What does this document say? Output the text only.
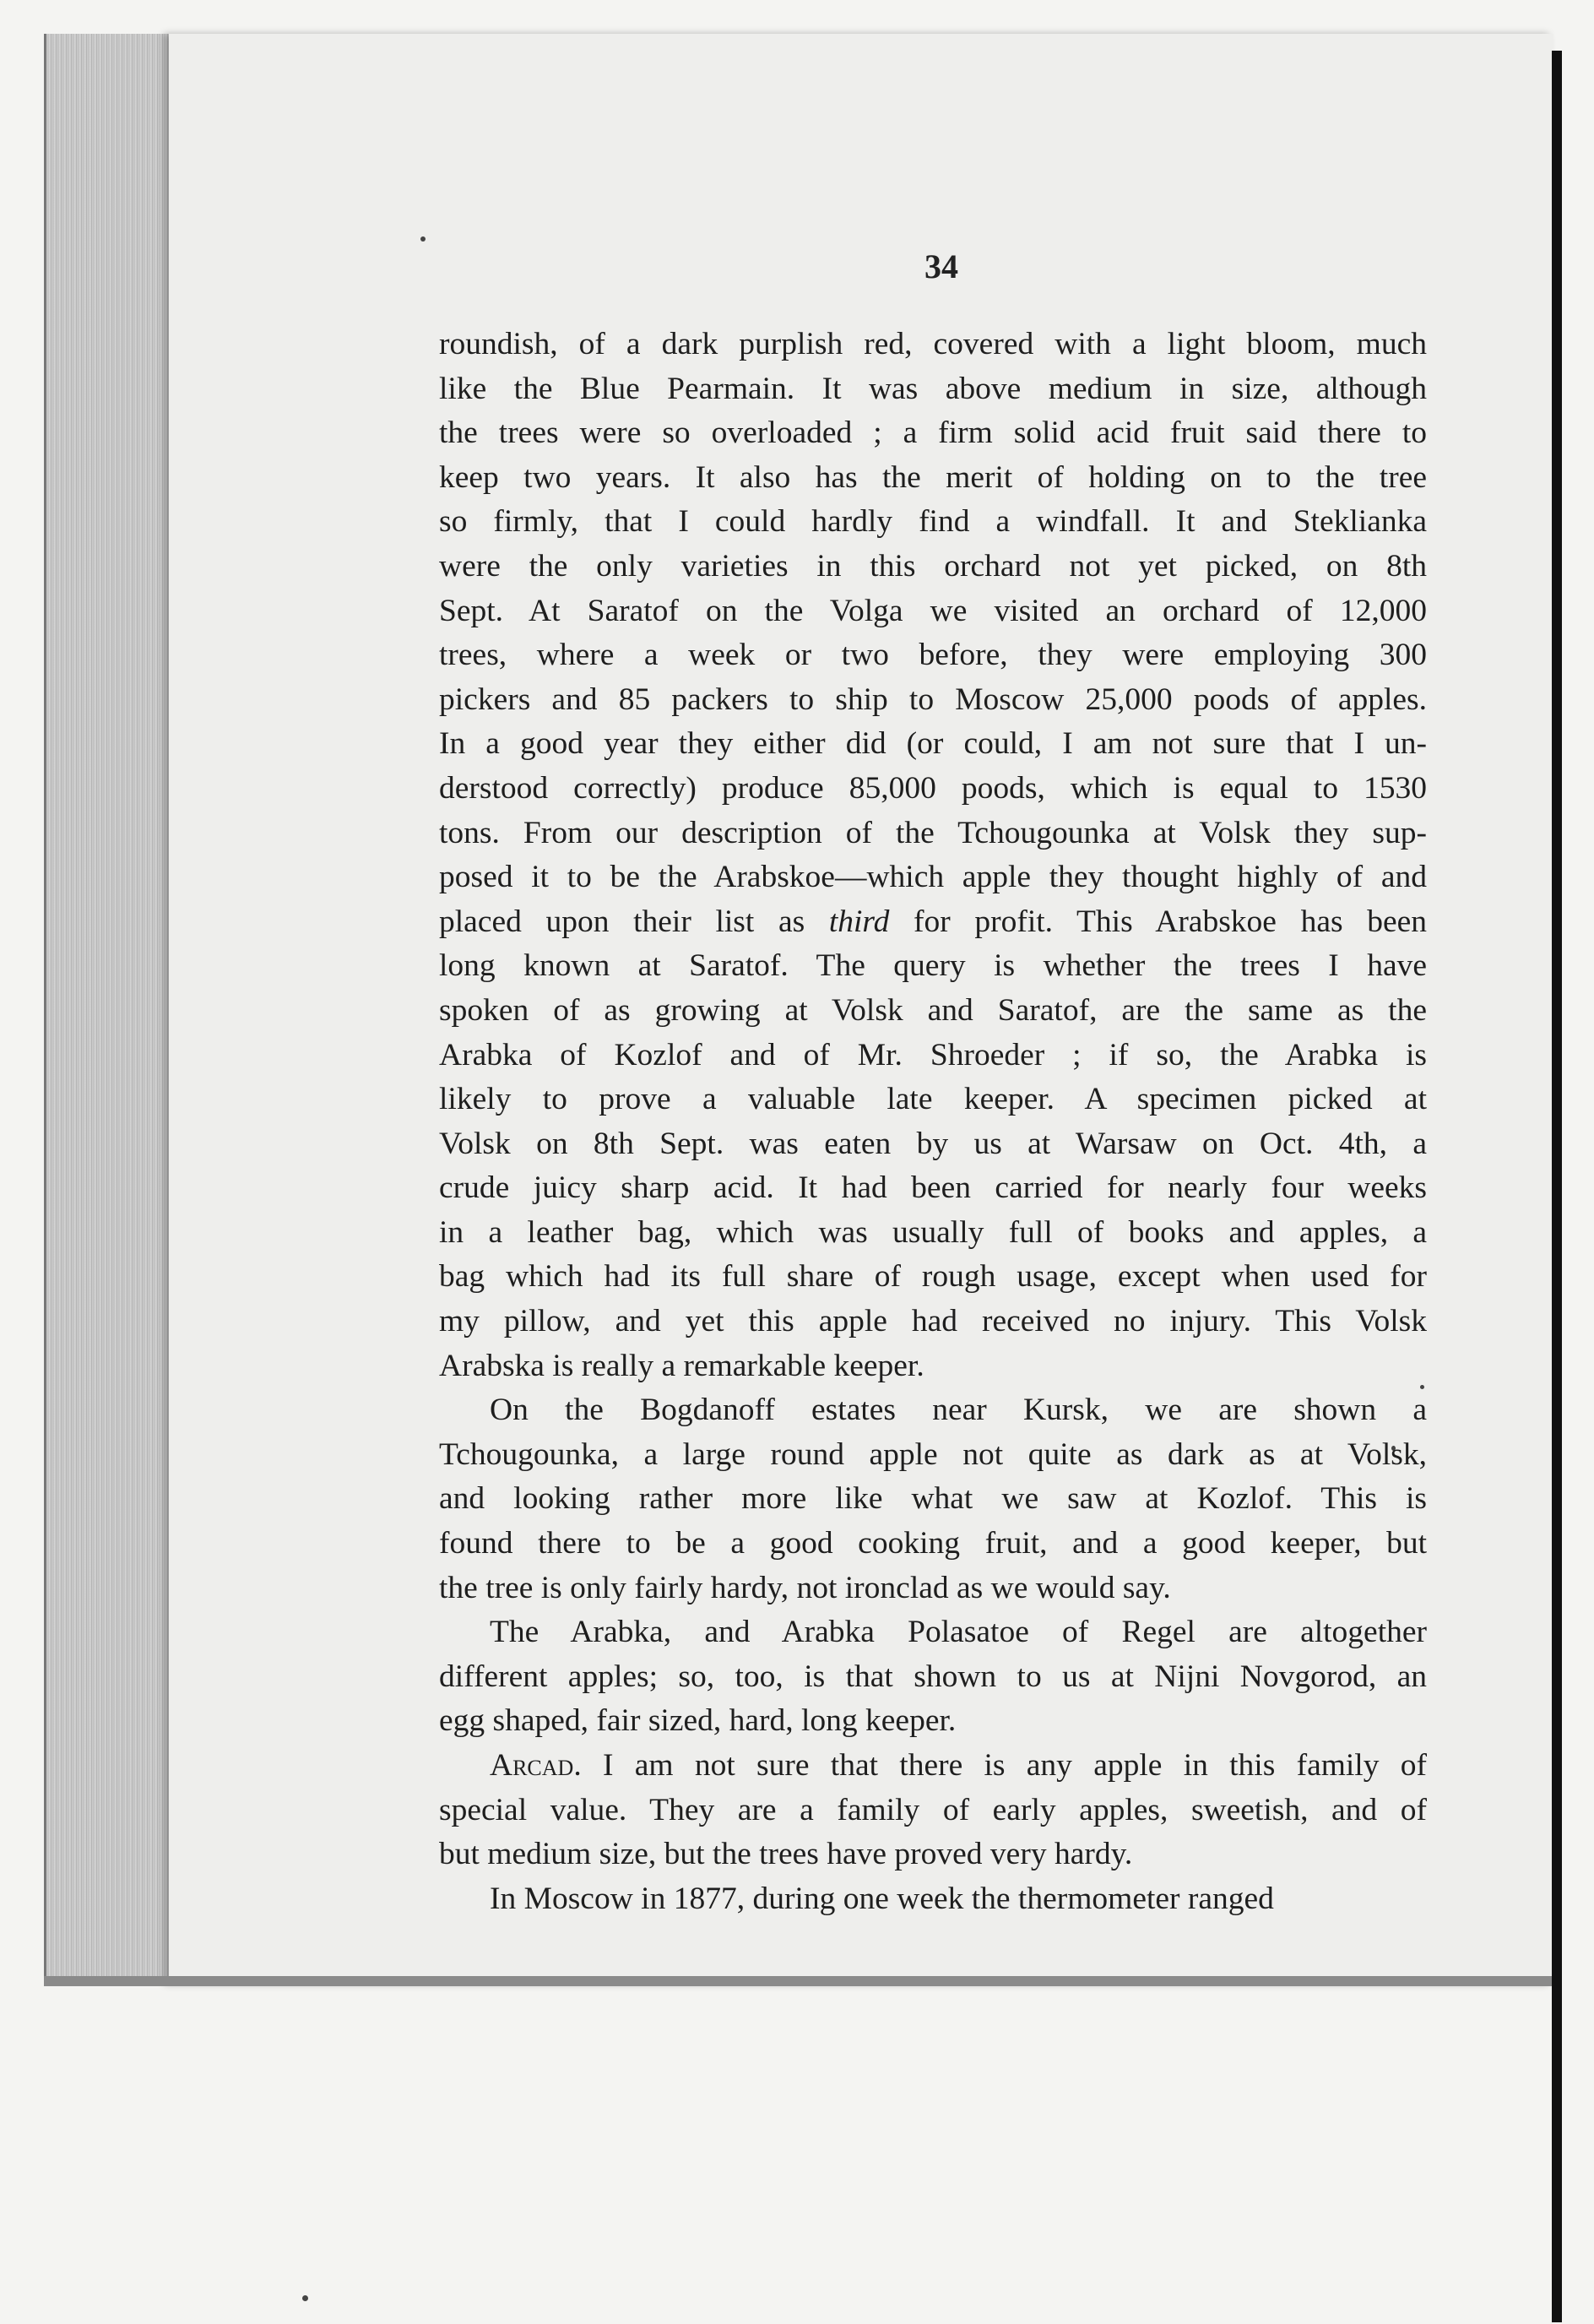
34
roundish, of a dark purplish red, covered with a light bloom, much
like the Blue Pearmain. It was above medium in size, although
the trees were so overloaded ; a firm solid acid fruit said there to
keep two years. It also has the merit of holding on to the tree
so firmly, that I could hardly find a windfall. It and Steklianka
were the only varieties in this orchard not yet picked, on 8th
Sept. At Saratof on the Volga we visited an orchard of 12,000
trees, where a week or two before, they were employing 300
pickers and 85 packers to ship to Moscow 25,000 poods of apples.
In a good year they either did (or could, I am not sure that I un-
derstood correctly) produce 85,000 poods, which is equal to 1530
tons. From our description of the Tchougounka at Volsk they sup-
posed it to be the Arabskoe—which apple they thought highly of and
placed upon their list as third for profit. This Arabskoe has been
long known at Saratof. The query is whether the trees I have
spoken of as growing at Volsk and Saratof, are the same as the
Arabka of Kozlof and of Mr. Shroeder ; if so, the Arabka is
likely to prove a valuable late keeper. A specimen picked at
Volsk on 8th Sept. was eaten by us at Warsaw on Oct. 4th, a
crude juicy sharp acid. It had been carried for nearly four weeks
in a leather bag, which was usually full of books and apples, a
bag which had its full share of rough usage, except when used for
my pillow, and yet this apple had received no injury. This Volsk
Arabska is really a remarkable keeper.
On the Bogdanoff estates near Kursk, we are shown a
Tchougounka, a large round apple not quite as dark as at Volsk,
and looking rather more like what we saw at Kozlof. This is
found there to be a good cooking fruit, and a good keeper, but
the tree is only fairly hardy, not ironclad as we would say.
The Arabka, and Arabka Polasatoe of Regel are altogether
different apples; so, too, is that shown to us at Nijni Novgorod, an
egg shaped, fair sized, hard, long keeper.
Arcad. I am not sure that there is any apple in this family of
special value. They are a family of early apples, sweetish, and of
but medium size, but the trees have proved very hardy.
In Moscow in 1877, during one week the thermometer ranged
